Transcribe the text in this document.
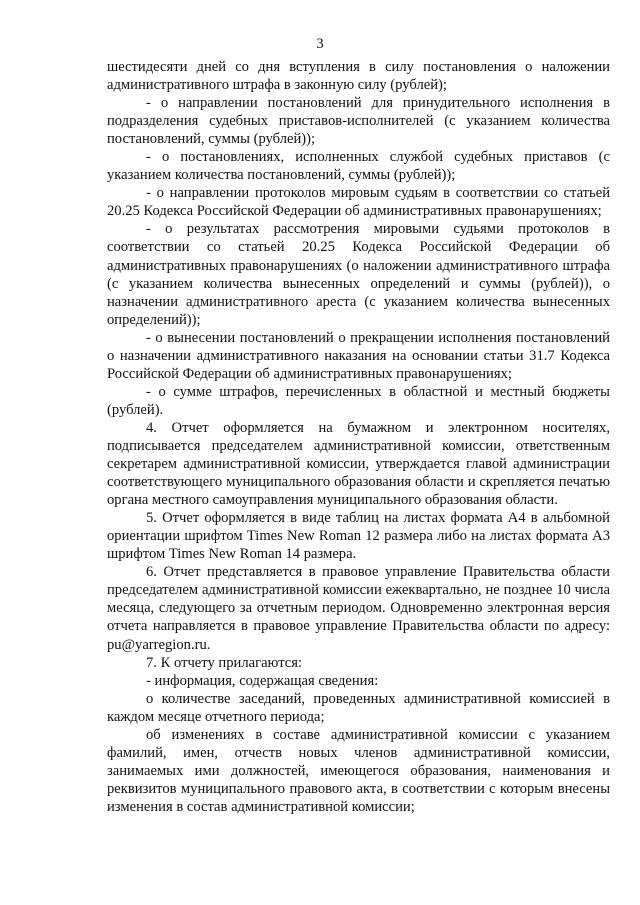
3

шестидесяти дней со дня вступления в силу постановления о наложении административного штрафа в законную силу (рублей);

- о направлении постановлений для принудительного исполнения в подразделения судебных приставов-исполнителей (с указанием количества постановлений, суммы (рублей));

- о постановлениях, исполненных службой судебных приставов (с указанием количества постановлений, суммы (рублей));

- о направлении протоколов мировым судьям в соответствии со статьей 20.25 Кодекса Российской Федерации об административных правонарушениях;

- о результатах рассмотрения мировыми судьями протоколов в соответствии со статьей 20.25 Кодекса Российской Федерации об административных правонарушениях (о наложении административного штрафа (с указанием количества вынесенных определений и суммы (рублей)), о назначении административного ареста (с указанием количества вынесенных определений));

- о вынесении постановлений о прекращении исполнения постановлений о назначении административного наказания на основании статьи 31.7 Кодекса Российской Федерации об административных правонарушениях;

- о сумме штрафов, перечисленных в областной и местный бюджеты (рублей).

4. Отчет оформляется на бумажном и электронном носителях, подписывается председателем административной комиссии, ответственным секретарем административной комиссии, утверждается главой администрации соответствующего муниципального образования области и скрепляется печатью органа местного самоуправления муниципального образования области.

5. Отчет оформляется в виде таблиц на листах формата А4 в альбомной ориентации шрифтом Times New Roman 12 размера либо на листах формата А3 шрифтом Times New Roman 14 размера.

6. Отчет представляется в правовое управление Правительства области председателем административной комиссии ежеквартально, не позднее 10 числа месяца, следующего за отчетным периодом. Одновременно электронная версия отчета направляется в правовое управление Правительства области по адресу: pu@yarregion.ru.

7. К отчету прилагаются:

- информация, содержащая сведения:

о количестве заседаний, проведенных административной комиссией в каждом месяце отчетного периода;

об изменениях в составе административной комиссии с указанием фамилий, имен, отчеств новых членов административной комиссии, занимаемых ими должностей, имеющегося образования, наименования и реквизитов муниципального правового акта, в соответствии с которым внесены изменения в состав административной комиссии;
